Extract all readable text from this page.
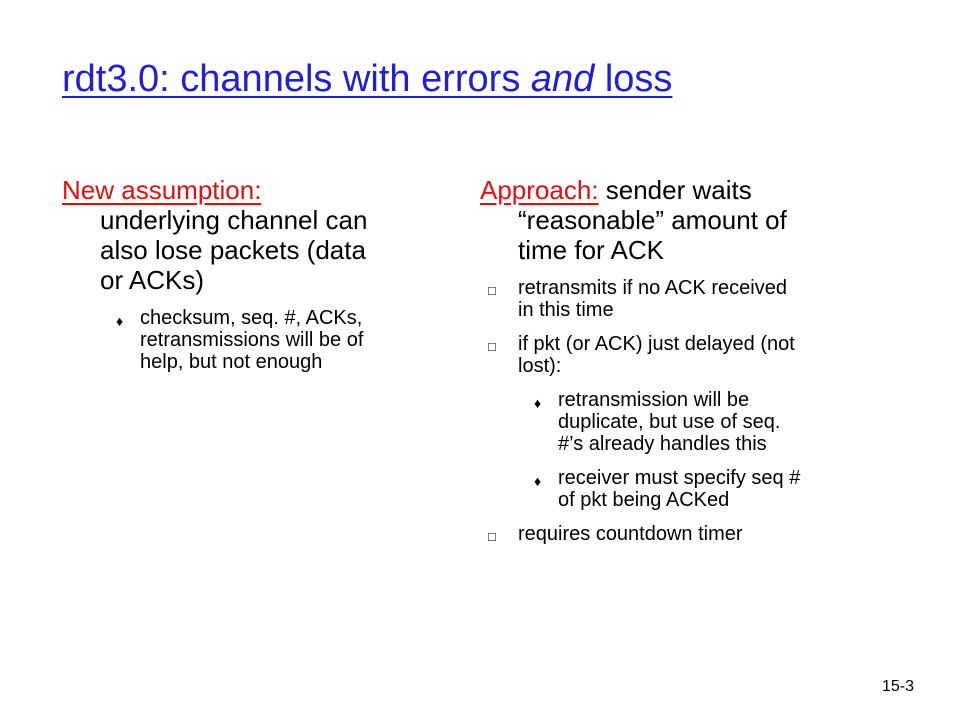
rdt3.0: channels with errors and loss
New assumption:
underlying channel can
also lose packets (data
or ACKs)
♦ checksum, seq. #, ACKs,
retransmissions will be of
help, but not enough
Approach: sender waits
“reasonable” amount of
time for ACK
□ retransmits if no ACK received
in this time
□ if pkt (or ACK) just delayed (not
lost):
♦ retransmission will be
duplicate, but use of seq.
#’s already handles this
♦ receiver must specify seq #
of pkt being ACKed
□ requires countdown timer
15-3
